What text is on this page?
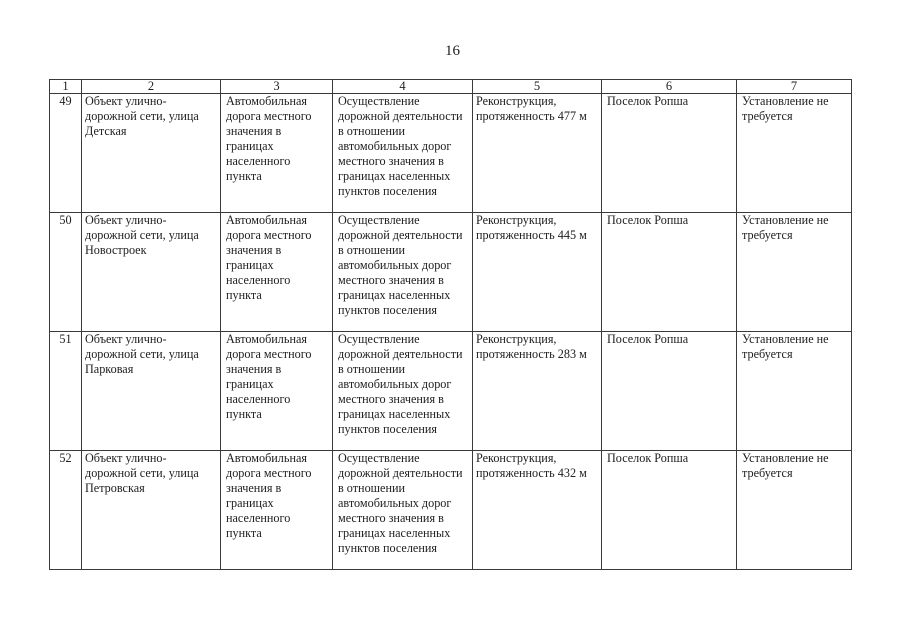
16
1	2	3	4	5	6	7
49	Объект улично-дорожной сети, улица Детская	Автомобильная дорога местного значения в границах населенного пункта	Осуществление дорожной деятельности в отношении автомобильных дорог местного значения в границах населенных пунктов поселения	Реконструкция, протяженность 477 м	Поселок Ропша	Установление не требуется
50	Объект улично-дорожной сети, улица Новостроек	Автомобильная дорога местного значения в границах населенного пункта	Осуществление дорожной деятельности в отношении автомобильных дорог местного значения в границах населенных пунктов поселения	Реконструкция, протяженность 445 м	Поселок Ропша	Установление не требуется
51	Объект улично-дорожной сети, улица Парковая	Автомобильная дорога местного значения в границах населенного пункта	Осуществление дорожной деятельности в отношении автомобильных дорог местного значения в границах населенных пунктов поселения	Реконструкция, протяженность 283 м	Поселок Ропша	Установление не требуется
52	Объект улично-дорожной сети, улица Петровская	Автомобильная дорога местного значения в границах населенного пункта	Осуществление дорожной деятельности в отношении автомобильных дорог местного значения в границах населенных пунктов поселения	Реконструкция, протяженность 432 м	Поселок Ропша	Установление не требуется
